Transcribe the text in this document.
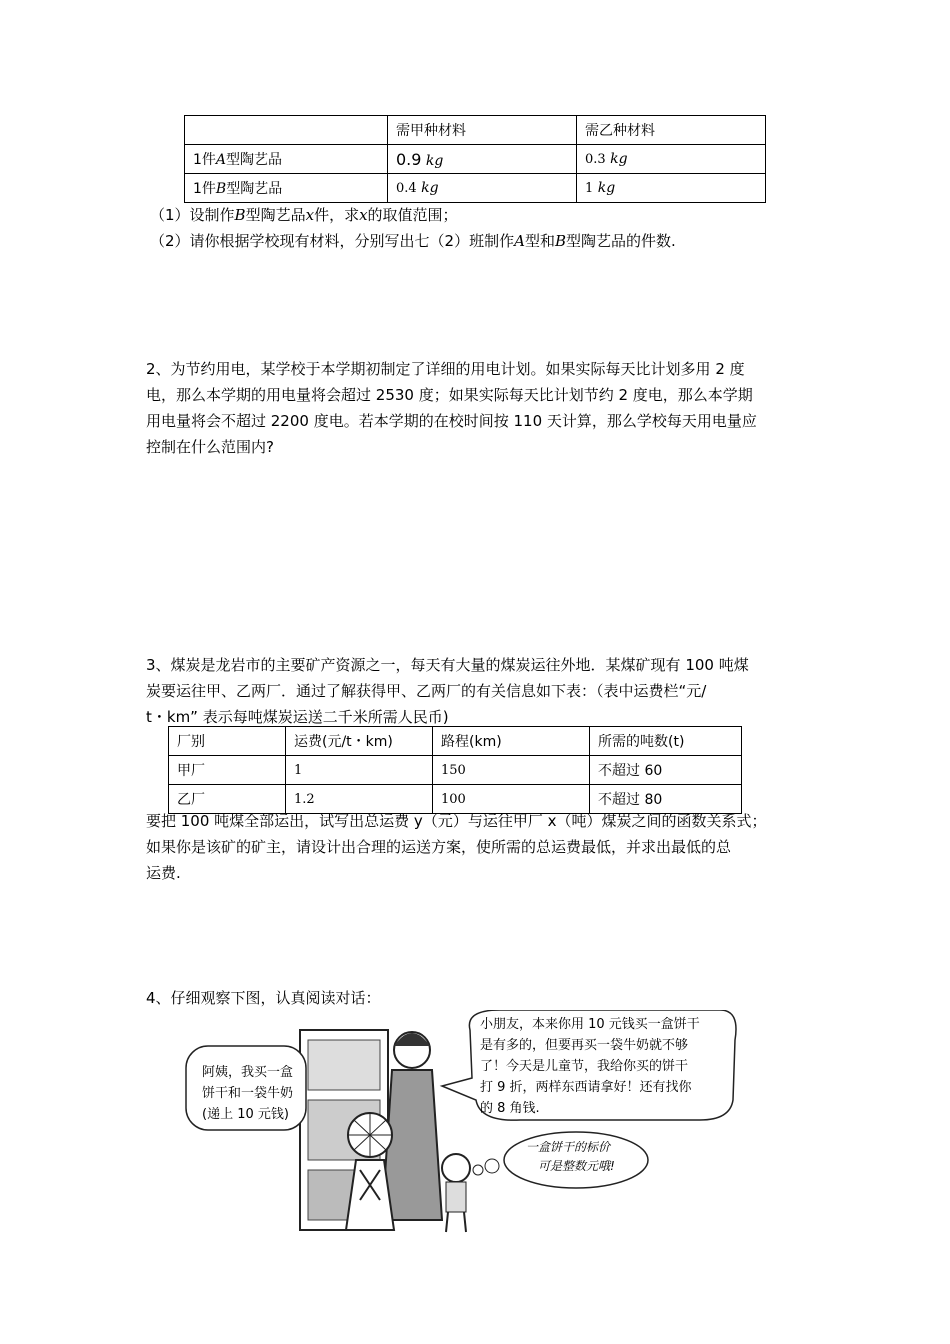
	需甲种材料	需乙种材料
1件A型陶艺品	0.9 kg	0.3 kg
1件B型陶艺品	0.4 kg	1 kg
（1）设制作B型陶艺品x件，求x的取值范围；
（2）请你根据学校现有材料，分别写出七（2）班制作A型和B型陶艺品的件数.
2、为节约用电，某学校于本学期初制定了详细的用电计划。如果实际每天比计划多用 2 度
电，那么本学期的用电量将会超过 2530 度；如果实际每天比计划节约 2 度电，那么本学期
用电量将会不超过 2200 度电。若本学期的在校时间按 110 天计算，那么学校每天用电量应
控制在什么范围内?
3、煤炭是龙岩市的主要矿产资源之一，每天有大量的煤炭运往外地．某煤矿现有 100 吨煤
炭要运往甲、乙两厂．通过了解获得甲、乙两厂的有关信息如下表：（表中运费栏“元/
t・km” 表示每吨煤炭运送二千米所需人民币)
厂别	运费(元/t・km)	路程(km)	所需的吨数(t)
甲厂	1	150	不超过 60
乙厂	1.2	100	不超过 80
要把 100 吨煤全部运出，试写出总运费 y（元）与运往甲厂 x（吨）煤炭之间的函数关系式；
如果你是该矿的矿主，请设计出合理的运送方案，使所需的总运费最低，并求出最低的总
运费.
4、仔细观察下图，认真阅读对话：
阿姨，我买一盒
饼干和一袋牛奶
(递上 10 元钱)
小朋友，本来你用 10 元钱买一盒饼干
是有多的，但要再买一袋牛奶就不够
了！今天是儿童节，我给你买的饼干
打 9 折，两样东西请拿好！还有找你
的 8 角钱.
一盒饼干的标价
可是整数元哦!
